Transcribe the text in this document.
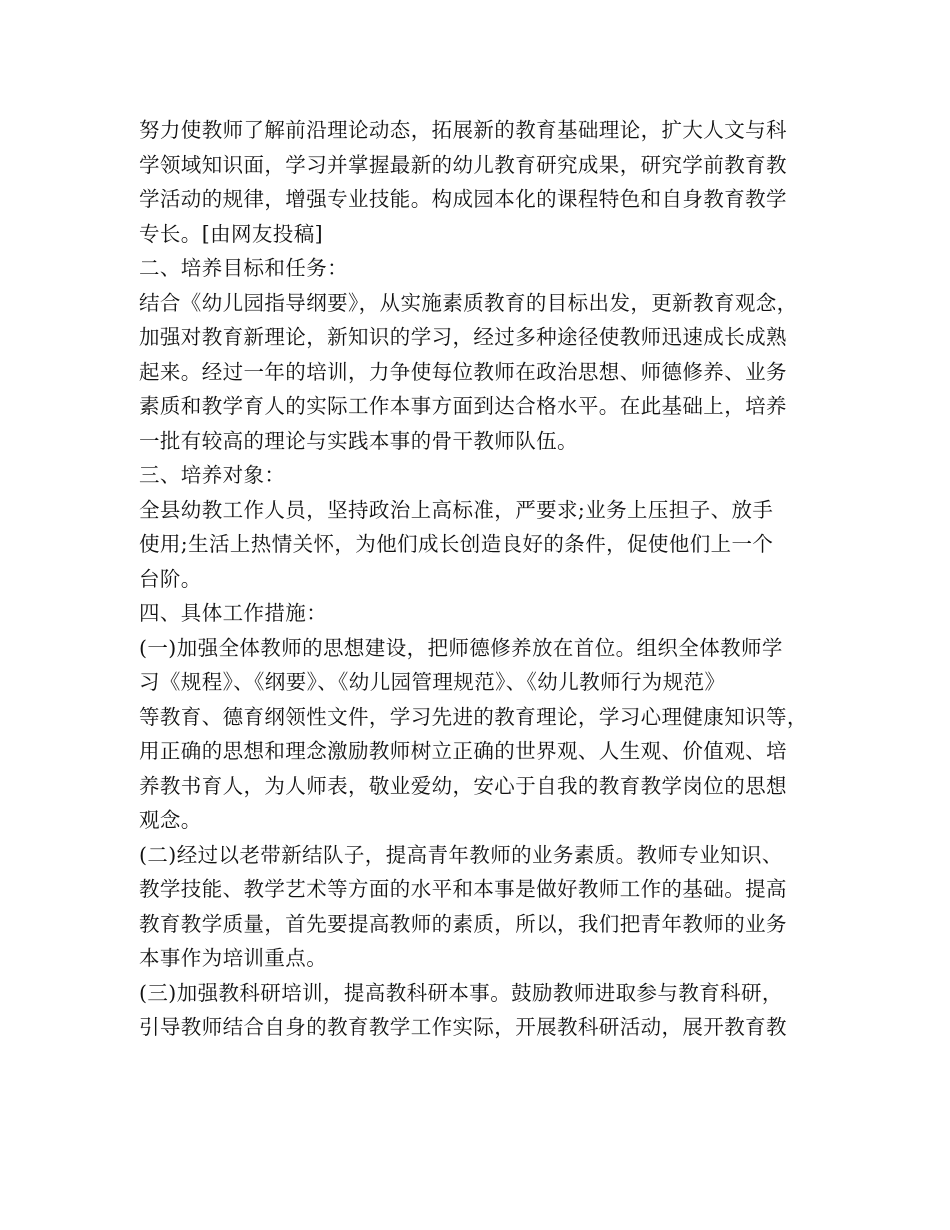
努力使教师了解前沿理论动态，拓展新的教育基础理论，扩大人文与科
学领域知识面，学习并掌握最新的幼儿教育研究成果，研究学前教育教
学活动的规律，增强专业技能。构成园本化的课程特色和自身教育教学
专长。[由网友投稿]
二、培养目标和任务：
结合《幼儿园指导纲要》，从实施素质教育的目标出发，更新教育观念，
加强对教育新理论，新知识的学习，经过多种途径使教师迅速成长成熟
起来。经过一年的培训，力争使每位教师在政治思想、师德修养、业务
素质和教学育人的实际工作本事方面到达合格水平。在此基础上，培养
一批有较高的理论与实践本事的骨干教师队伍。
三、培养对象：
全县幼教工作人员，坚持政治上高标准，严要求;业务上压担子、放手
使用;生活上热情关怀，为他们成长创造良好的条件，促使他们上一个
台阶。
四、具体工作措施：
(一)加强全体教师的思想建设，把师德修养放在首位。组织全体教师学
习《规程》、《纲要》、《幼儿园管理规范》、《幼儿教师行为规范》
等教育、德育纲领性文件，学习先进的教育理论，学习心理健康知识等，
用正确的思想和理念激励教师树立正确的世界观、人生观、价值观、培
养教书育人，为人师表，敬业爱幼，安心于自我的教育教学岗位的思想
观念。
(二)经过以老带新结队子，提高青年教师的业务素质。教师专业知识、
教学技能、教学艺术等方面的水平和本事是做好教师工作的基础。提高
教育教学质量，首先要提高教师的素质，所以，我们把青年教师的业务
本事作为培训重点。
(三)加强教科研培训，提高教科研本事。鼓励教师进取参与教育科研，
引导教师结合自身的教育教学工作实际，开展教科研活动，展开教育教
